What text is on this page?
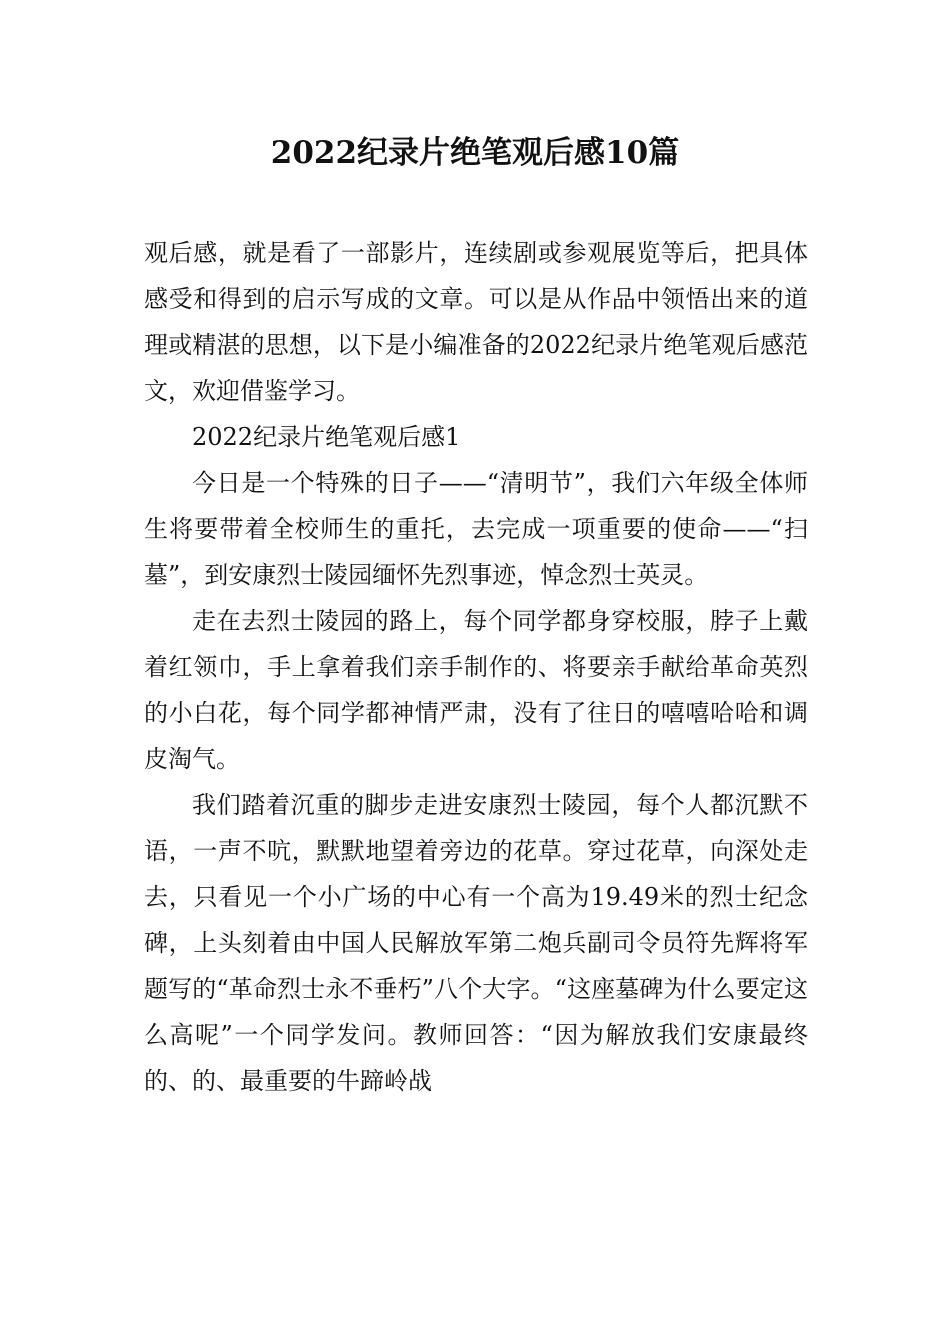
2022纪录片绝笔观后感10篇

观后感，就是看了一部影片，连续剧或参观展览等后，把具体感受和得到的启示写成的文章。可以是从作品中领悟出来的道理或精湛的思想，以下是小编准备的2022纪录片绝笔观后感范文，欢迎借鉴学习。

2022纪录片绝笔观后感1

今日是一个特殊的日子——“清明节”，我们六年级全体师生将要带着全校师生的重托，去完成一项重要的使命——“扫墓”，到安康烈士陵园缅怀先烈事迹，悼念烈士英灵。

走在去烈士陵园的路上，每个同学都身穿校服，脖子上戴着红领巾，手上拿着我们亲手制作的、将要亲手献给革命英烈的小白花，每个同学都神情严肃，没有了往日的嘻嘻哈哈和调皮淘气。

我们踏着沉重的脚步走进安康烈士陵园，每个人都沉默不语，一声不吭，默默地望着旁边的花草。穿过花草，向深处走去，只看见一个小广场的中心有一个高为19.49米的烈士纪念碑，上头刻着由中国人民解放军第二炮兵副司令员符先辉将军题写的“革命烈士永不垂朽”八个大字。“这座墓碑为什么要定这么高呢”一个同学发问。教师回答：“因为解放我们安康最终的、的、最重要的牛蹄岭战
